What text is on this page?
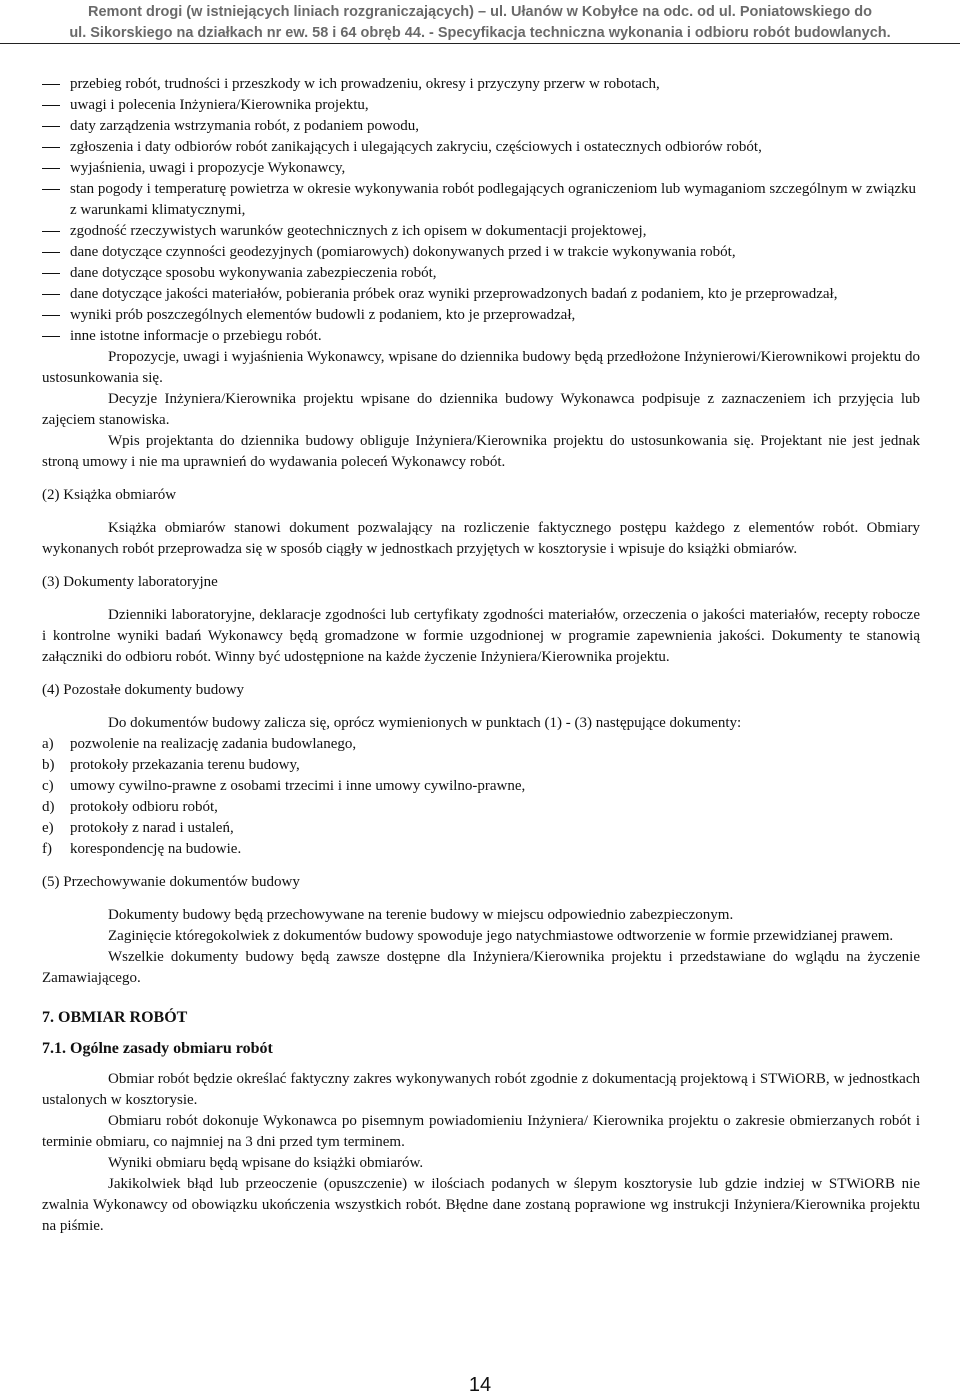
Remont drogi (w istniejących liniach rozgraniczających) – ul. Ułanów w Kobyłce na odc. od ul. Poniatowskiego do
ul. Sikorskiego na działkach nr ew. 58 i 64 obręb 44. - Specyfikacja techniczna wykonania i odbioru robót budowlanych.
przebieg robót, trudności i przeszkody w ich prowadzeniu, okresy i przyczyny przerw w robotach,
uwagi i polecenia Inżyniera/Kierownika projektu,
daty zarządzenia wstrzymania robót, z podaniem powodu,
zgłoszenia i daty odbiorów robót zanikających i ulegających zakryciu, częściowych i ostatecznych odbiorów robót,
wyjaśnienia, uwagi i propozycje Wykonawcy,
stan pogody i temperaturę powietrza w okresie wykonywania robót podlegających ograniczeniom lub wymaganiom szczególnym w związku z warunkami klimatycznymi,
zgodność rzeczywistych warunków geotechnicznych z ich opisem w dokumentacji projektowej,
dane dotyczące czynności geodezyjnych (pomiarowych) dokonywanych przed i w trakcie wykonywania robót,
dane dotyczące sposobu wykonywania zabezpieczenia robót,
dane dotyczące jakości materiałów, pobierania próbek oraz wyniki przeprowadzonych badań z podaniem, kto je przeprowadzał,
wyniki prób poszczególnych elementów budowli z podaniem, kto je przeprowadzał,
inne istotne informacje o przebiegu robót.
Propozycje, uwagi i wyjaśnienia Wykonawcy, wpisane do dziennika budowy będą przedłożone Inżynierowi/Kierownikowi projektu do ustosunkowania się.
Decyzje Inżyniera/Kierownika projektu wpisane do dziennika budowy Wykonawca podpisuje z zaznaczeniem ich przyjęcia lub zajęciem stanowiska.
Wpis projektanta do dziennika budowy obliguje Inżyniera/Kierownika projektu do ustosunkowania się. Projektant nie jest jednak stroną umowy i nie ma uprawnień do wydawania poleceń Wykonawcy robót.
(2) Książka obmiarów
Książka obmiarów stanowi dokument pozwalający na rozliczenie faktycznego postępu każdego z elementów robót. Obmiary wykonanych robót przeprowadza się w sposób ciągły w jednostkach przyjętych w kosztorysie i wpisuje do książki obmiarów.
(3) Dokumenty laboratoryjne
Dzienniki laboratoryjne, deklaracje zgodności lub certyfikaty zgodności materiałów, orzeczenia o jakości materiałów, recepty robocze i kontrolne wyniki badań Wykonawcy będą gromadzone w formie uzgodnionej w programie zapewnienia jakości. Dokumenty te stanowią załączniki do odbioru robót. Winny być udostępnione na każde życzenie Inżyniera/Kierownika projektu.
(4) Pozostałe dokumenty budowy
Do dokumentów budowy zalicza się, oprócz wymienionych w punktach (1) - (3) następujące dokumenty:
a) pozwolenie na realizację zadania budowlanego,
b) protokoły przekazania terenu budowy,
c) umowy cywilno-prawne z osobami trzecimi i inne umowy cywilno-prawne,
d) protokoły odbioru robót,
e) protokoły z narad i ustaleń,
f) korespondencję na budowie.
(5) Przechowywanie dokumentów budowy
Dokumenty budowy będą przechowywane na terenie budowy w miejscu odpowiednio zabezpieczonym.
Zaginięcie któregokolwiek z dokumentów budowy spowoduje jego natychmiastowe odtworzenie w formie przewidzianej prawem.
Wszelkie dokumenty budowy będą zawsze dostępne dla Inżyniera/Kierownika projektu i przedstawiane do wglądu na życzenie Zamawiającego.
7. OBMIAR ROBÓT
7.1. Ogólne zasady obmiaru robót
Obmiar robót będzie określać faktyczny zakres wykonywanych robót zgodnie z dokumentacją projektową i STWiORB, w jednostkach ustalonych w kosztorysie.
Obmiaru robót dokonuje Wykonawca po pisemnym powiadomieniu Inżyniera/ Kierownika projektu o zakresie obmierzanych robót i terminie obmiaru, co najmniej na 3 dni przed tym terminem.
Wyniki obmiaru będą wpisane do książki obmiarów.
Jakikolwiek błąd lub przeoczenie (opuszczenie) w ilościach podanych w ślepym kosztorysie lub gdzie indziej w STWiORB nie zwalnia Wykonawcy od obowiązku ukończenia wszystkich robót. Błędne dane zostaną poprawione wg instrukcji Inżyniera/Kierownika projektu na piśmie.
14
